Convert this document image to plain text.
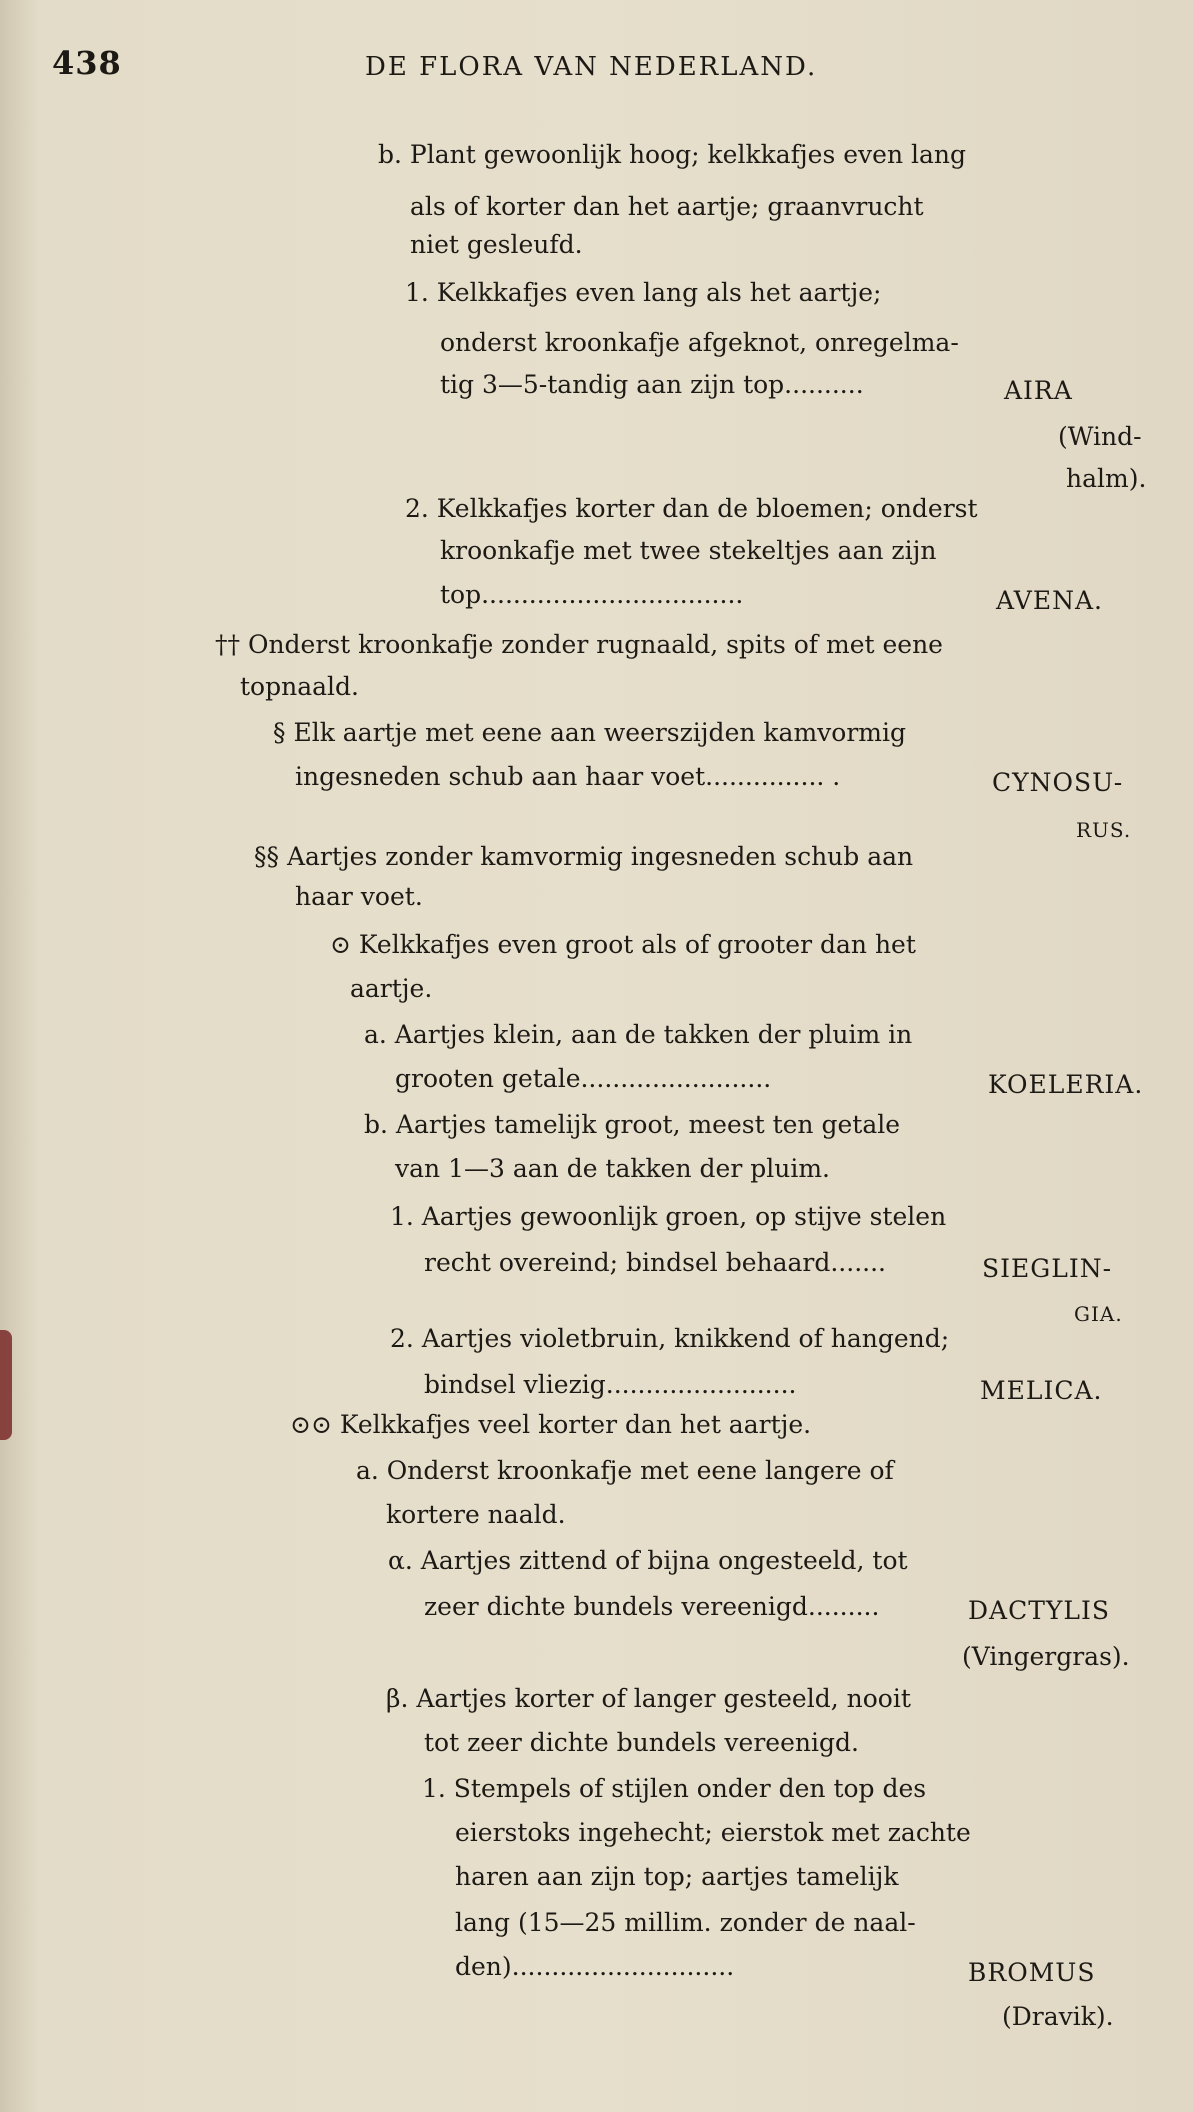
438	DE FLORA VAN NEDERLAND.
b. Plant gewoonlijk hoog; kelkkafjes even lang
als of korter dan het aartje; graanvrucht
niet gesleufd.
1. Kelkkafjes even lang als het aartje;
onderst kroonkafje afgeknot, onregelma-
tig 3—5-tandig aan zijn top..........	AIRA
(Wind-
halm).
2. Kelkkafjes korter dan de bloemen; onderst
kroonkafje met twee stekeltjes aan zijn
top.................................	AVENA.
†† Onderst kroonkafje zonder rugnaald, spits of met eene
topnaald.
§ Elk aartje met eene aan weerszijden kamvormig
ingesneden schub aan haar voet............... .	CYNOSU-
RUS.
§§ Aartjes zonder kamvormig ingesneden schub aan
haar voet.
⊙ Kelkkafjes even groot als of grooter dan het
aartje.
a. Aartjes klein, aan de takken der pluim in
grooten getale........................	KOELERIA.
b. Aartjes tamelijk groot, meest ten getale
van 1—3 aan de takken der pluim.
1. Aartjes gewoonlijk groen, op stijve stelen
recht overeind; bindsel behaard.......	SIEGLIN-
GIA.
2. Aartjes violetbruin, knikkend of hangend;
bindsel vliezig........................	MELICA.
⊙⊙ Kelkkafjes veel korter dan het aartje.
a. Onderst kroonkafje met eene langere of
kortere naald.
α. Aartjes zittend of bijna ongesteeld, tot
zeer dichte bundels vereenigd.........	DACTYLIS
(Vingergras).
β. Aartjes korter of langer gesteeld, nooit
tot zeer dichte bundels vereenigd.
1. Stempels of stijlen onder den top des
eierstoks ingehecht; eierstok met zachte
haren aan zijn top; aartjes tamelijk
lang (15—25 millim. zonder de naal-
den)............................	BROMUS
(Dravik).
